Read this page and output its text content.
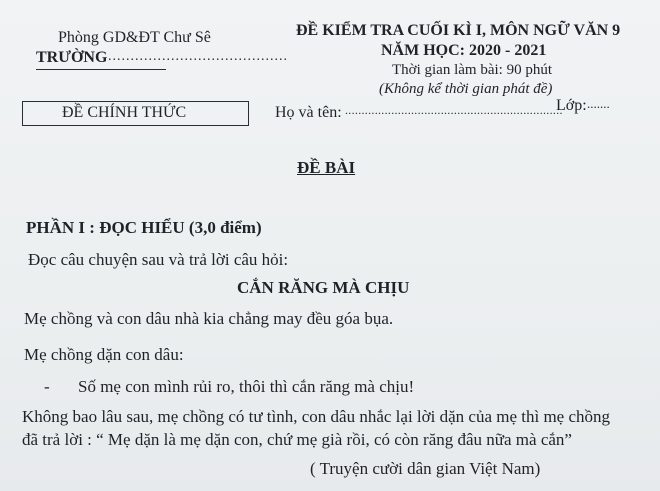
Phòng GD&ĐT Chư Sê
TRƯỜNG ........................................
ĐỀ CHÍNH THỨC
ĐỀ KIỂM TRA CUỐI KÌ I, MÔN NGỮ VĂN 9
NĂM HỌC: 2020 - 2021
Thời gian làm bài: 90 phút
(Không kể thời gian phát đề)
Họ và tên: ..................................................................
Lớp: .......
ĐỀ BÀI
PHẦN I : ĐỌC HIỂU (3,0 điểm)
Đọc câu chuyện sau và trả lời câu hỏi:
CẮN RĂNG MÀ CHỊU
Mẹ chồng và con dâu nhà kia chẳng may đều góa bụa.
Mẹ chồng dặn con dâu:
- Số mẹ con mình rủi ro, thôi thì cắn răng mà chịu!
Không bao lâu sau, mẹ chồng có tư tình, con dâu nhắc lại lời dặn của mẹ thì mẹ chồng
đã trả lời : “ Mẹ dặn là mẹ dặn con, chứ mẹ già rồi, có còn răng đâu nữa mà cắn”
( Truyện cười dân gian Việt Nam)
